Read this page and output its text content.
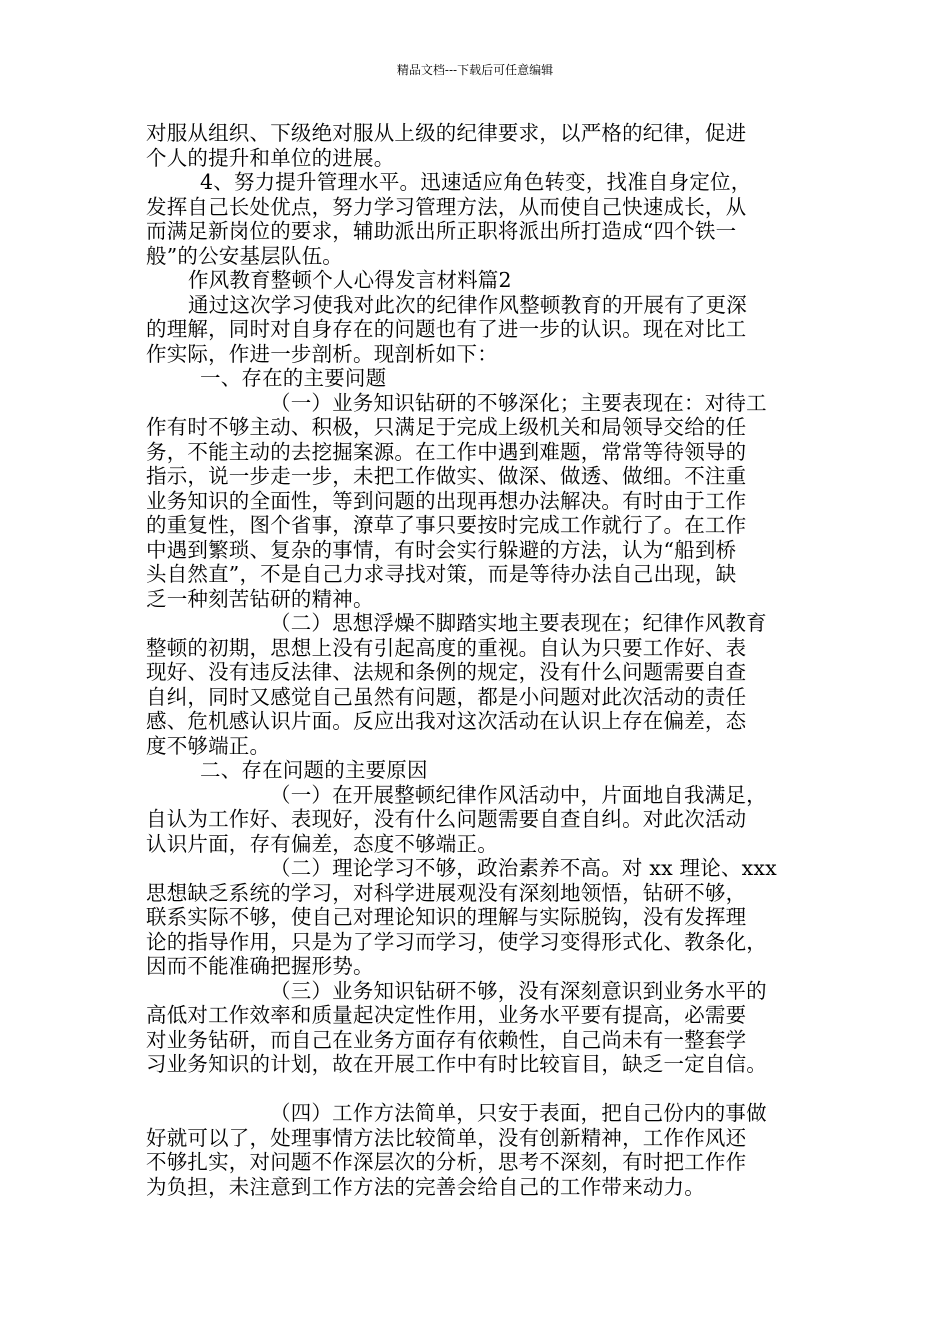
精品文档---下载后可任意编辑
对服从组织、下级绝对服从上级的纪律要求，以严格的纪律，促进
个人的提升和单位的进展。
4、努力提升管理水平。迅速适应角色转变，找准自身定位，
发挥自己长处优点，努力学习管理方法，从而使自己快速成长，从
而满足新岗位的要求，辅助派出所正职将派出所打造成“四个铁一
般”的公安基层队伍。
作风教育整顿个人心得发言材料篇2
通过这次学习使我对此次的纪律作风整顿教育的开展有了更深
的理解，同时对自身存在的问题也有了进一步的认识。现在对比工
作实际，作进一步剖析。现剖析如下：
一、存在的主要问题
（一）业务知识钻研的不够深化；主要表现在：对待工
作有时不够主动、积极，只满足于完成上级机关和局领导交给的任
务，不能主动的去挖掘案源。在工作中遇到难题，常常等待领导的
指示，说一步走一步，未把工作做实、做深、做透、做细。不注重
业务知识的全面性，等到问题的出现再想办法解决。有时由于工作
的重复性，图个省事，潦草了事只要按时完成工作就行了。在工作
中遇到繁琐、复杂的事情，有时会实行躲避的方法，认为“船到桥
头自然直”，不是自己力求寻找对策，而是等待办法自己出现，缺
乏一种刻苦钻研的精神。
（二）思想浮燥不脚踏实地主要表现在；纪律作风教育
整顿的初期，思想上没有引起高度的重视。自认为只要工作好、表
现好、没有违反法律、法规和条例的规定，没有什么问题需要自查
自纠，同时又感觉自己虽然有问题，都是小问题对此次活动的责任
感、危机感认识片面。反应出我对这次活动在认识上存在偏差，态
度不够端正。
二、存在问题的主要原因
（一）在开展整顿纪律作风活动中，片面地自我满足，
自认为工作好、表现好，没有什么问题需要自查自纠。对此次活动
认识片面，存有偏差，态度不够端正。
（二）理论学习不够，政治素养不高。对 xx 理论、xxx
思想缺乏系统的学习，对科学进展观没有深刻地领悟，钻研不够，
联系实际不够，使自己对理论知识的理解与实际脱钩，没有发挥理
论的指导作用，只是为了学习而学习，使学习变得形式化、教条化，
因而不能准确把握形势。
（三）业务知识钻研不够，没有深刻意识到业务水平的
高低对工作效率和质量起决定性作用，业务水平要有提高，必需要
对业务钻研，而自己在业务方面存有依赖性，自己尚未有一整套学
习业务知识的计划，故在开展工作中有时比较盲目，缺乏一定自信。
（四）工作方法简单，只安于表面，把自己份内的事做
好就可以了，处理事情方法比较简单，没有创新精神，工作作风还
不够扎实，对问题不作深层次的分析，思考不深刻，有时把工作作
为负担，未注意到工作方法的完善会给自己的工作带来动力。
